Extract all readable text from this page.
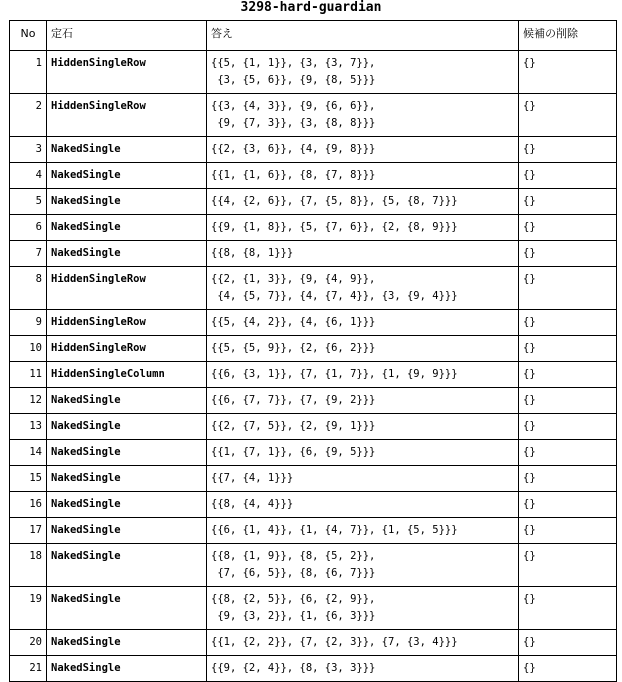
3298-hard-guardian
No	定石	答え	候補の削除
1	HiddenSingleRow	{{5, {1, 1}}, {3, {3, 7}},
{3, {5, 6}}, {9, {8, 5}}}	{}
2	HiddenSingleRow	{{3, {4, 3}}, {9, {6, 6}},
{9, {7, 3}}, {3, {8, 8}}}	{}
3	NakedSingle	{{2, {3, 6}}, {4, {9, 8}}}	{}
4	NakedSingle	{{1, {1, 6}}, {8, {7, 8}}}	{}
5	NakedSingle	{{4, {2, 6}}, {7, {5, 8}}, {5, {8, 7}}}	{}
6	NakedSingle	{{9, {1, 8}}, {5, {7, 6}}, {2, {8, 9}}}	{}
7	NakedSingle	{{8, {8, 1}}}	{}
8	HiddenSingleRow	{{2, {1, 3}}, {9, {4, 9}},
{4, {5, 7}}, {4, {7, 4}}, {3, {9, 4}}}	{}
9	HiddenSingleRow	{{5, {4, 2}}, {4, {6, 1}}}	{}
10	HiddenSingleRow	{{5, {5, 9}}, {2, {6, 2}}}	{}
11	HiddenSingleColumn	{{6, {3, 1}}, {7, {1, 7}}, {1, {9, 9}}}	{}
12	NakedSingle	{{6, {7, 7}}, {7, {9, 2}}}	{}
13	NakedSingle	{{2, {7, 5}}, {2, {9, 1}}}	{}
14	NakedSingle	{{1, {7, 1}}, {6, {9, 5}}}	{}
15	NakedSingle	{{7, {4, 1}}}	{}
16	NakedSingle	{{8, {4, 4}}}	{}
17	NakedSingle	{{6, {1, 4}}, {1, {4, 7}}, {1, {5, 5}}}	{}
18	NakedSingle	{{8, {1, 9}}, {8, {5, 2}},
{7, {6, 5}}, {8, {6, 7}}}	{}
19	NakedSingle	{{8, {2, 5}}, {6, {2, 9}},
{9, {3, 2}}, {1, {6, 3}}}	{}
20	NakedSingle	{{1, {2, 2}}, {7, {2, 3}}, {7, {3, 4}}}	{}
21	NakedSingle	{{9, {2, 4}}, {8, {3, 3}}}	{}
